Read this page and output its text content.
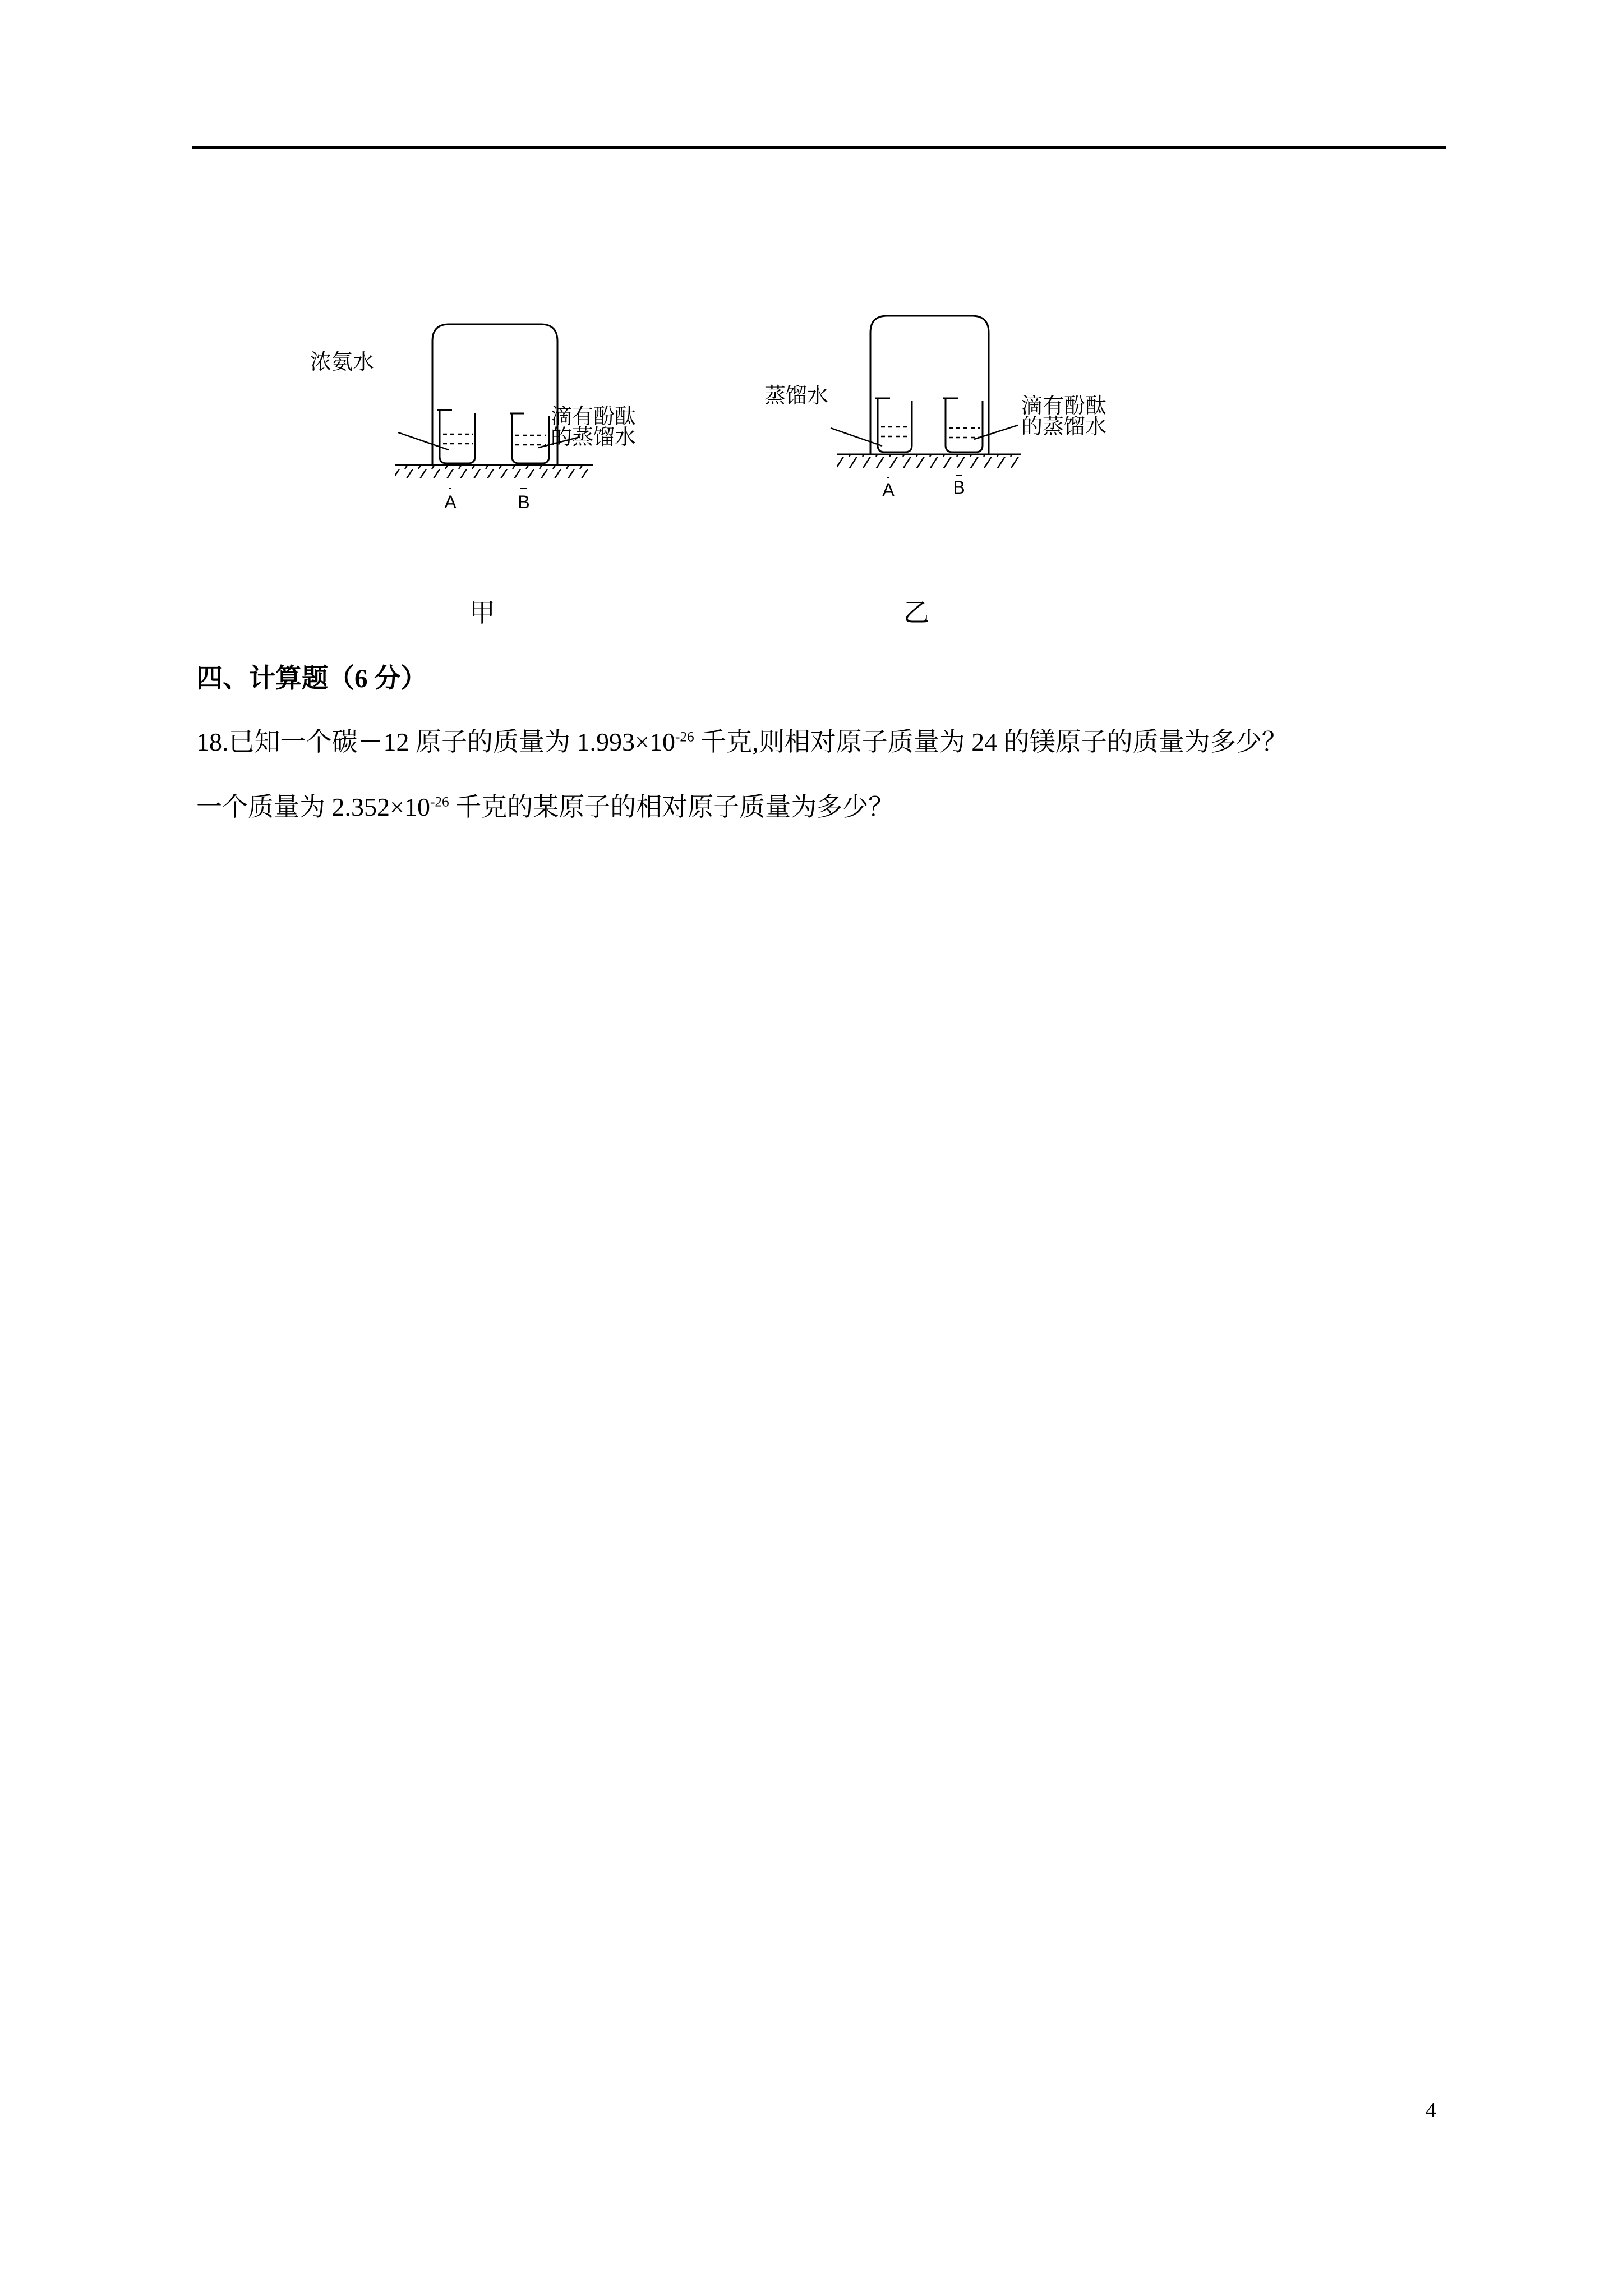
浓氨水
滴有酚酞
的蒸馏水
A	B
甲
蒸馏水	滴有酚酞
的蒸馏水
A	B
乙
四、计算题（6 分）
18.已知一个碳－12 原子的质量为 $1.993\times 10^{-26}$ 千克,则相对原子质量为 24 的镁原子的质量为多少？
一个质量为 $2.352\times 10^{-26}$ 千克的某原子的相对原子质量为多少？
4
